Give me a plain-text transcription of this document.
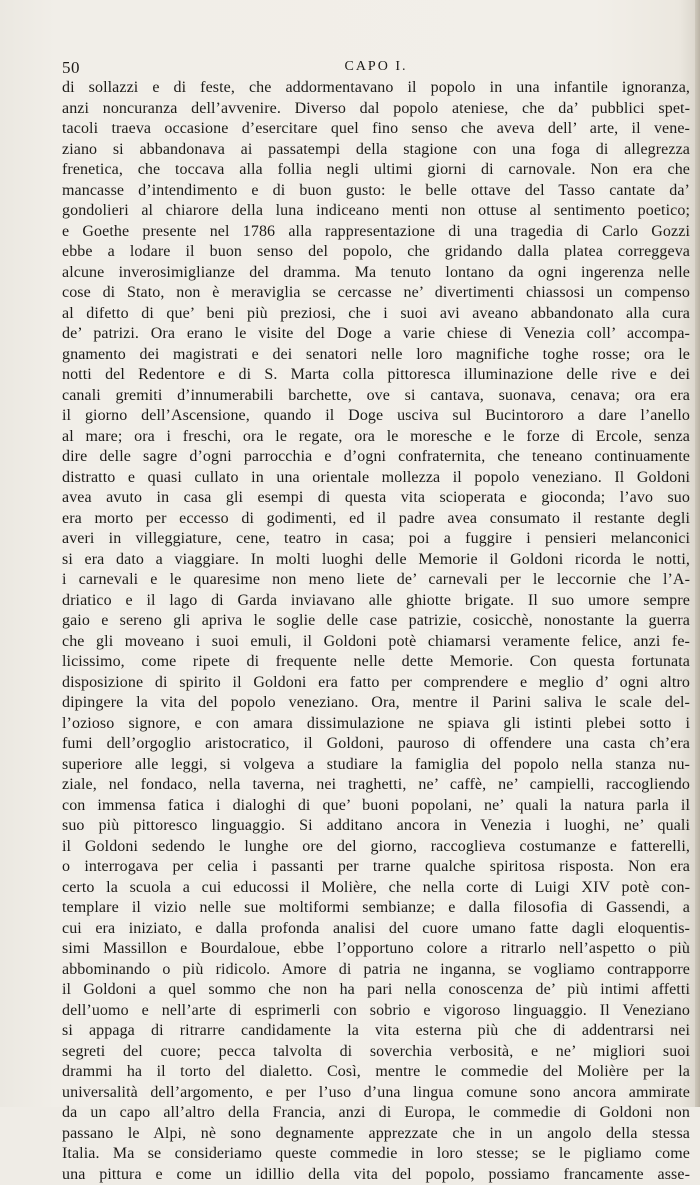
50	CAPO I.
di sollazzi e di feste, che addormentavano il popolo in una infantile ignoranza,
anzi noncuranza dell’avvenire. Diverso dal popolo ateniese, che da’ pubblici spet-
tacoli traeva occasione d’esercitare quel fino senso che aveva dell’ arte, il vene-
ziano si abbandonava ai passatempi della stagione con una foga di allegrezza
frenetica, che toccava alla follia negli ultimi giorni di carnovale. Non era che
mancasse d’intendimento e di buon gusto: le belle ottave del Tasso cantate da’
gondolieri al chiarore della luna indiceano menti non ottuse al sentimento poetico;
e Goethe presente nel 1786 alla rappresentazione di una tragedia di Carlo Gozzi
ebbe a lodare il buon senso del popolo, che gridando dalla platea correggeva
alcune inverosimiglianze del dramma. Ma tenuto lontano da ogni ingerenza nelle
cose di Stato, non è meraviglia se cercasse ne’ divertimenti chiassosi un compenso
al difetto di que’ beni più preziosi, che i suoi avi aveano abbandonato alla cura
de’ patrizi. Ora erano le visite del Doge a varie chiese di Venezia coll’ accompa-
gnamento dei magistrati e dei senatori nelle loro magnifiche toghe rosse; ora le
notti del Redentore e di S. Marta colla pittoresca illuminazione delle rive e dei
canali gremiti d’innumerabili barchette, ove si cantava, suonava, cenava; ora era
il giorno dell’Ascensione, quando il Doge usciva sul Bucintororo a dare l’anello
al mare; ora i freschi, ora le regate, ora le moresche e le forze di Ercole, senza
dire delle sagre d’ogni parrocchia e d’ogni confraternita, che teneano continuamente
distratto e quasi cullato in una orientale mollezza il popolo veneziano. Il Goldoni
avea avuto in casa gli esempi di questa vita scioperata e gioconda; l’avo suo
era morto per eccesso di godimenti, ed il padre avea consumato il restante degli
averi in villeggiature, cene, teatro in casa; poi a fuggire i pensieri melanconici
si era dato a viaggiare. In molti luoghi delle Memorie il Goldoni ricorda le notti,
i carnevali e le quaresime non meno liete de’ carnevali per le leccornie che l’A-
driatico e il lago di Garda inviavano alle ghiotte brigate. Il suo umore sempre
gaio e sereno gli apriva le soglie delle case patrizie, cosicchè, nonostante la guerra
che gli moveano i suoi emuli, il Goldoni potè chiamarsi veramente felice, anzi fe-
licissimo, come ripete di frequente nelle dette Memorie. Con questa fortunata
disposizione di spirito il Goldoni era fatto per comprendere e meglio d’ ogni altro
dipingere la vita del popolo veneziano. Ora, mentre il Parini saliva le scale del-
l’ozioso signore, e con amara dissimulazione ne spiava gli istinti plebei sotto i
fumi dell’orgoglio aristocratico, il Goldoni, pauroso di offendere una casta ch’era
superiore alle leggi, si volgeva a studiare la famiglia del popolo nella stanza nu-
ziale, nel fondaco, nella taverna, nei traghetti, ne’ caffè, ne’ campielli, raccogliendo
con immensa fatica i dialoghi di que’ buoni popolani, ne’ quali la natura parla il
suo più pittoresco linguaggio. Si additano ancora in Venezia i luoghi, ne’ quali
il Goldoni sedendo le lunghe ore del giorno, raccoglieva costumanze e fatterelli,
o interrogava per celia i passanti per trarne qualche spiritosa risposta. Non era
certo la scuola a cui educossi il Molière, che nella corte di Luigi XIV potè con-
templare il vizio nelle sue moltiformi sembianze; e dalla filosofia di Gassendi, a
cui era iniziato, e dalla profonda analisi del cuore umano fatte dagli eloquentis-
simi Massillon e Bourdaloue, ebbe l’opportuno colore a ritrarlo nell’aspetto o più
abbominando o più ridicolo. Amore di patria ne inganna, se vogliamo contrapporre
il Goldoni a quel sommo che non ha pari nella conoscenza de’ più intimi affetti
dell’uomo e nell’arte di esprimerli con sobrio e vigoroso linguaggio. Il Veneziano
si appaga di ritrarre candidamente la vita esterna più che di addentrarsi nei
segreti del cuore; pecca talvolta di soverchia verbosità, e ne’ migliori suoi
drammi ha il torto del dialetto. Così, mentre le commedie del Molière per la
universalità dell’argomento, e per l’uso d’una lingua comune sono ancora ammirate
da un capo all’altro della Francia, anzi di Europa, le commedie di Goldoni non
passano le Alpi, nè sono degnamente apprezzate che in un angolo della stessa
Italia. Ma se consideriamo queste commedie in loro stesse; se le pigliamo come
una pittura e come un idillio della vita del popolo, possiamo francamente asse-
